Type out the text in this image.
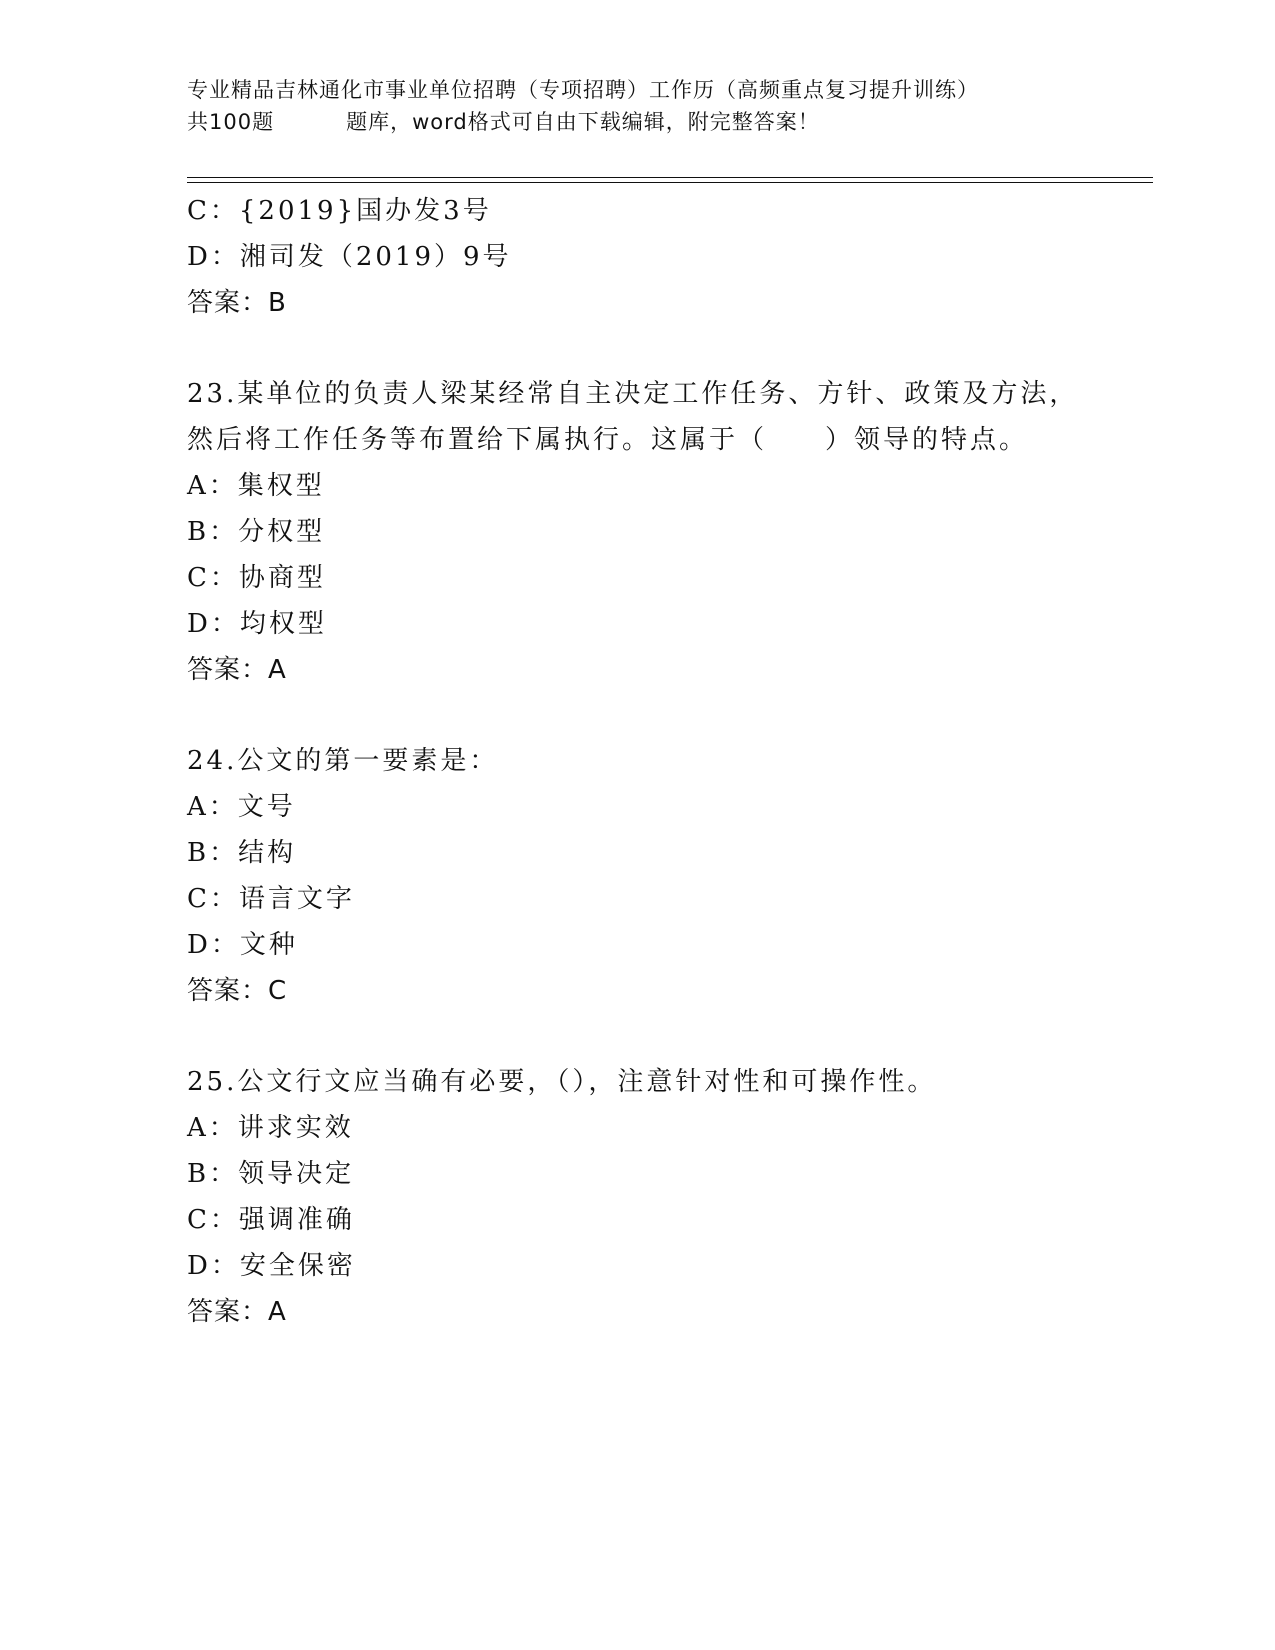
专业精品吉林通化市事业单位招聘（专项招聘）工作历（高频重点复习提升训练）
共100题	题库，word格式可自由下载编辑，附完整答案！
C：{2019}国办发3号
D：湘司发（2019）9号
答案：B
23.某单位的负责人梁某经常自主决定工作任务、方针、政策及方法，
然后将工作任务等布置给下属执行。这属于（　　）领导的特点。
A：集权型
B：分权型
C：协商型
D：均权型
答案：A
24.公文的第一要素是：
A：文号
B：结构
C：语言文字
D：文种
答案：C
25.公文行文应当确有必要，（），注意针对性和可操作性。
A：讲求实效
B：领导决定
C：强调准确
D：安全保密
答案：A
